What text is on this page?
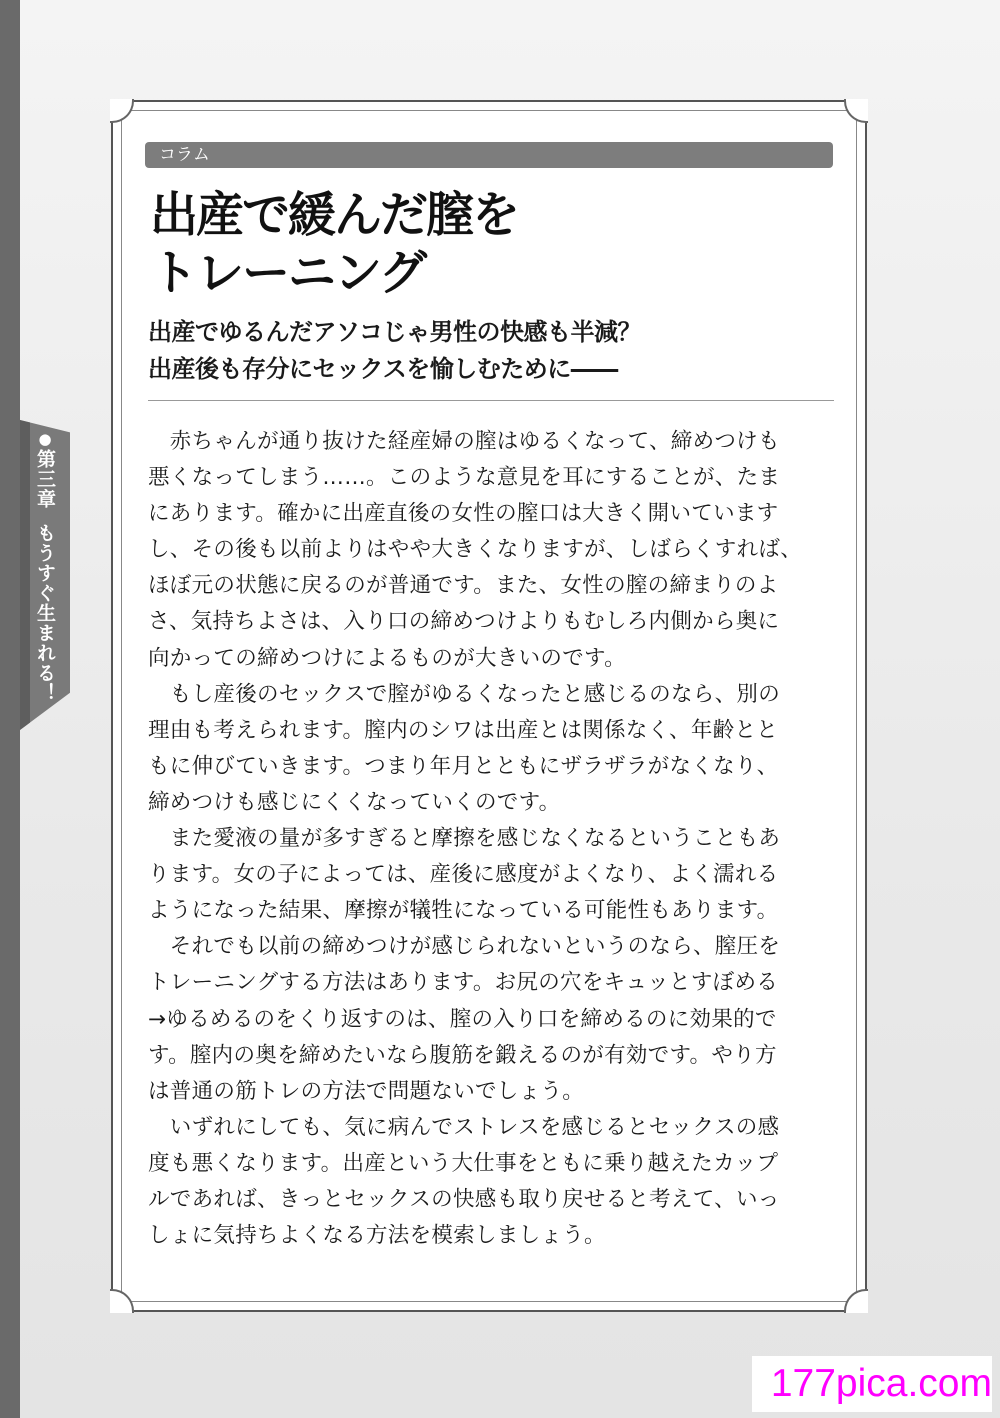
●第三章もうすぐ生まれる！
コラム
出産で緩んだ膣を
トレーニング
出産でゆるんだアソコじゃ男性の快感も半減？
出産後も存分にセックスを愉しむために――
　赤ちゃんが通り抜けた経産婦の膣はゆるくなって、締めつけも
悪くなってしまう……。このような意見を耳にすることが、たま
にあります。確かに出産直後の女性の膣口は大きく開いています
し、その後も以前よりはやや大きくなりますが、しばらくすれば、
ほぼ元の状態に戻るのが普通です。また、女性の膣の締まりのよ
さ、気持ちよさは、入り口の締めつけよりもむしろ内側から奥に
向かっての締めつけによるものが大きいのです。
　もし産後のセックスで膣がゆるくなったと感じるのなら、別の
理由も考えられます。膣内のシワは出産とは関係なく、年齢とと
もに伸びていきます。つまり年月とともにザラザラがなくなり、
締めつけも感じにくくなっていくのです。
　また愛液の量が多すぎると摩擦を感じなくなるということもあ
ります。女の子によっては、産後に感度がよくなり、よく濡れる
ようになった結果、摩擦が犠牲になっている可能性もあります。
　それでも以前の締めつけが感じられないというのなら、膣圧を
トレーニングする方法はあります。お尻の穴をキュッとすぼめる
→ゆるめるのをくり返すのは、膣の入り口を締めるのに効果的で
す。膣内の奥を締めたいなら腹筋を鍛えるのが有効です。やり方
は普通の筋トレの方法で問題ないでしょう。
　いずれにしても、気に病んでストレスを感じるとセックスの感
度も悪くなります。出産という大仕事をともに乗り越えたカップ
ルであれば、きっとセックスの快感も取り戻せると考えて、いっ
しょに気持ちよくなる方法を模索しましょう。
177pica.com
